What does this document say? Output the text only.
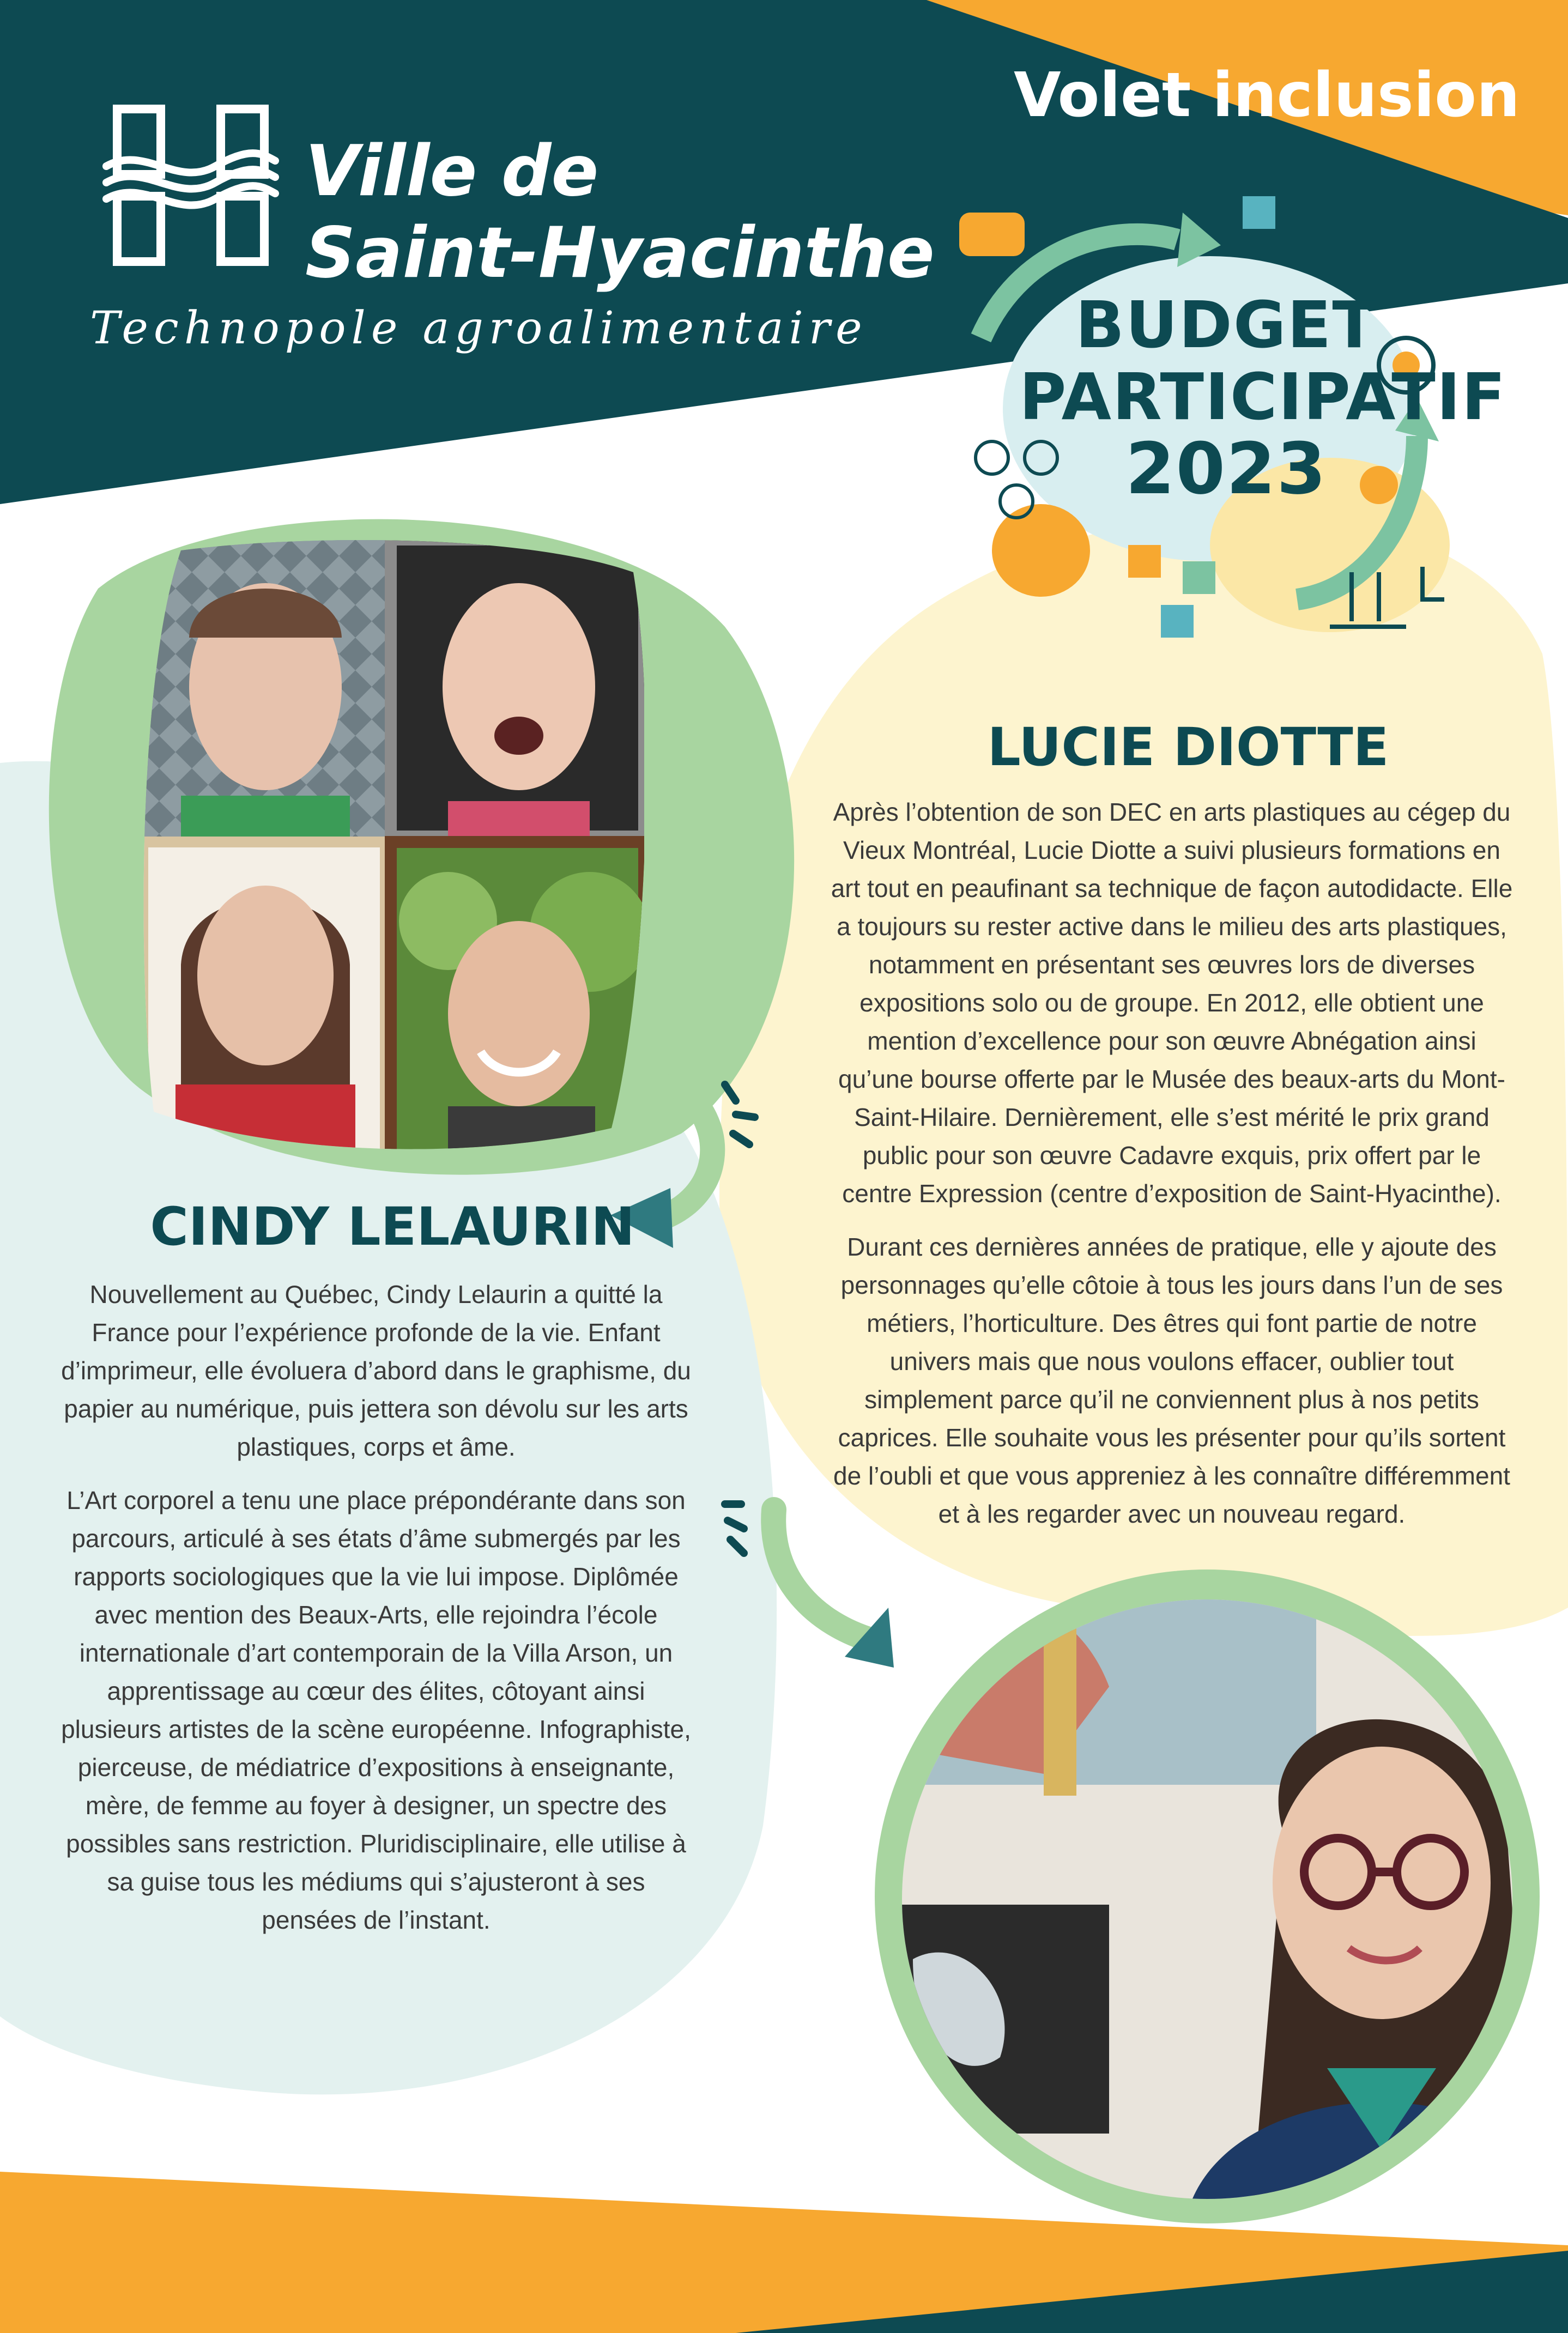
Ville de
Saint-Hyacinthe
Technopole agroalimentaire
Volet inclusion
BUDGET
PARTICIPATIF
2023
LUCIE DIOTTE

Après l’obtention de son DEC en arts plastiques au cégep du Vieux Montréal, Lucie Diotte a suivi plusieurs formations en art tout en peaufinant sa technique de façon autodidacte. Elle a toujours su rester active dans le milieu des arts plastiques, notamment en présentant ses œuvres lors de diverses expositions solo ou de groupe. En 2012, elle obtient une mention d’excellence pour son œuvre Abnégation ainsi qu’une bourse offerte par le Musée des beaux-arts du Mont-Saint-Hilaire. Dernièrement, elle s’est mérité le prix grand public pour son œuvre Cadavre exquis, prix offert par le centre Expression (centre d’exposition de Saint-Hyacinthe).

Durant ces dernières années de pratique, elle y ajoute des personnages qu’elle côtoie à tous les jours dans l’un de ses métiers, l’horticulture. Des êtres qui font partie de notre univers mais que nous voulons effacer, oublier tout simplement parce qu’il ne conviennent plus à nos petits caprices. Elle souhaite vous les présenter pour qu’ils sortent de l’oubli et que vous appreniez à les connaître différemment et à les regarder avec un nouveau regard.

CINDY LELAURIN

Nouvellement au Québec, Cindy Lelaurin a quitté la France pour l’expérience profonde de la vie. Enfant d’imprimeur, elle évoluera d’abord dans le graphisme, du papier au numérique, puis jettera son dévolu sur les arts plastiques, corps et âme.

L’Art corporel a tenu une place prépondérante dans son parcours, articulé à ses états d’âme submergés par les rapports sociologiques que la vie lui impose. Diplômée avec mention des Beaux-Arts, elle rejoindra l’école internationale d’art contemporain de la Villa Arson, un apprentissage au cœur des élites, côtoyant ainsi plusieurs artistes de la scène européenne. Infographiste, pierceuse, de médiatrice d’expositions à enseignante, mère, de femme au foyer à designer, un spectre des possibles sans restriction. Pluridisciplinaire, elle utilise à sa guise tous les médiums qui s’ajusteront à ses pensées de l’instant.
